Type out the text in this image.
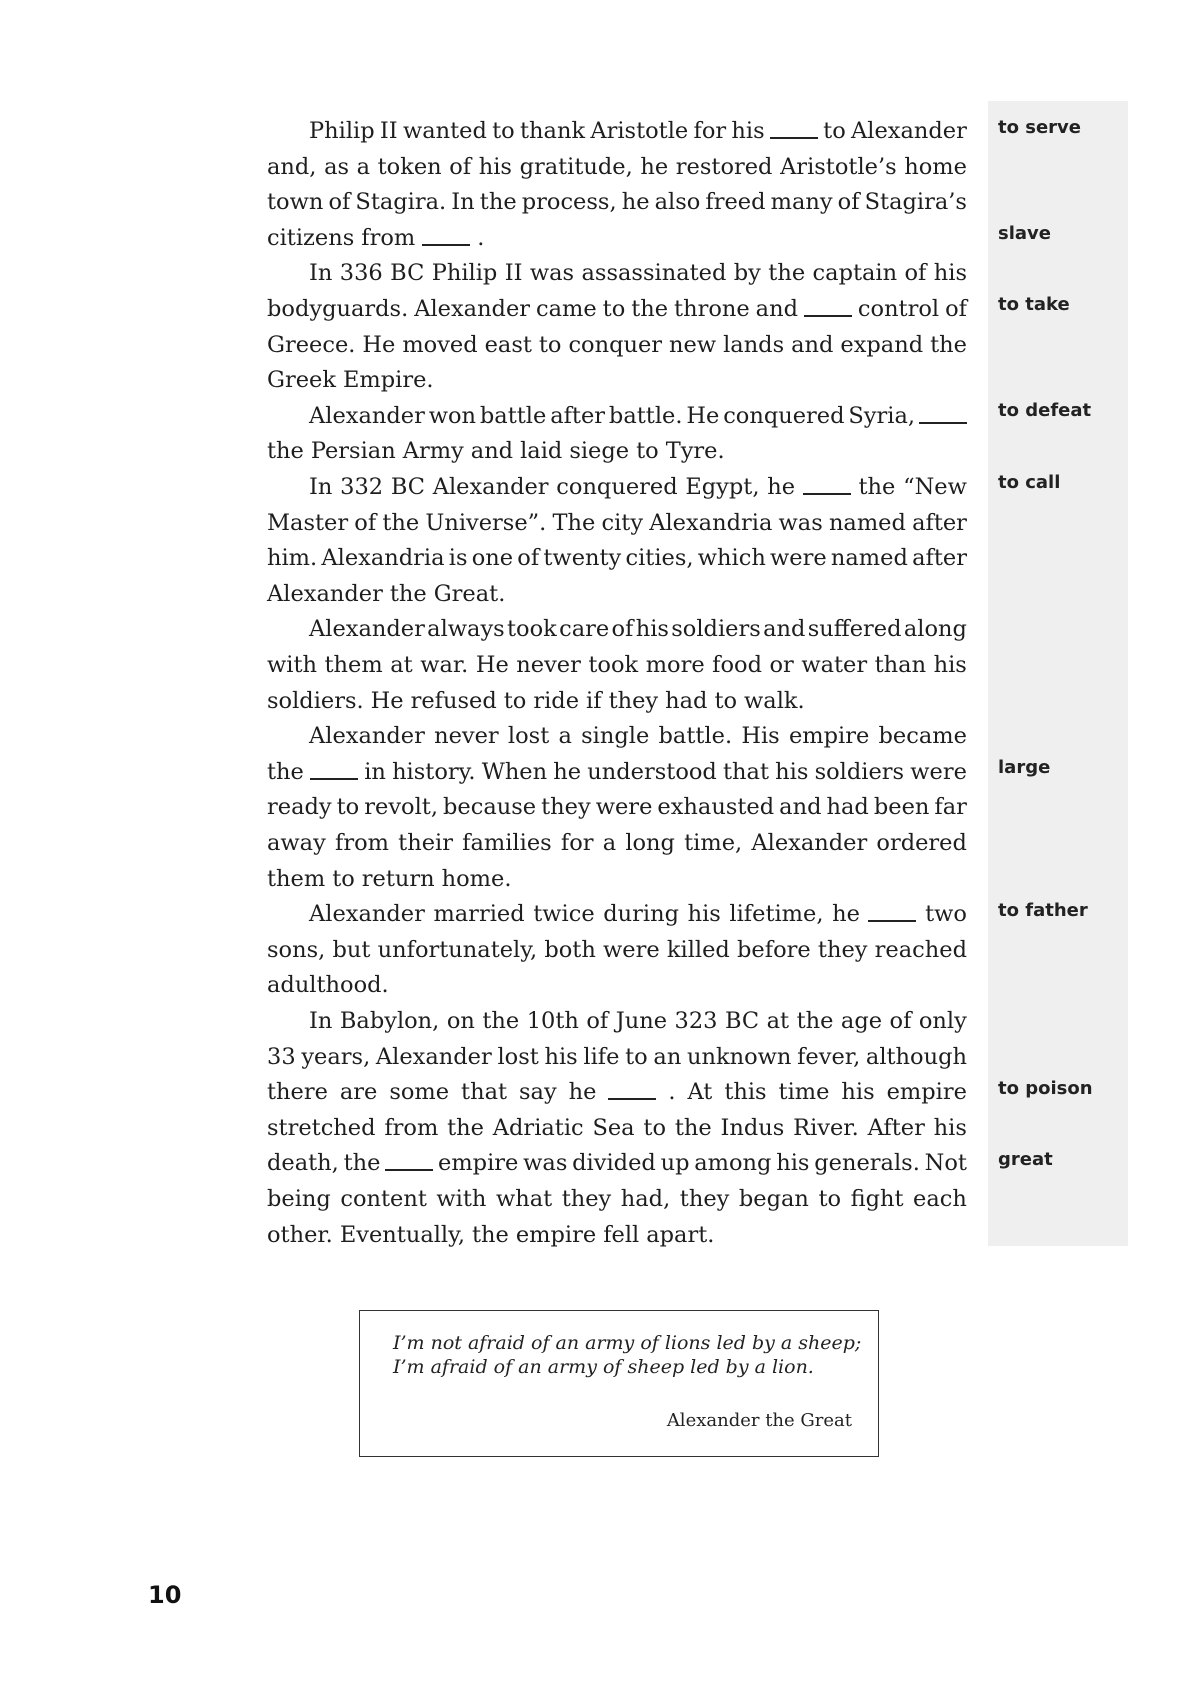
to serve
slave
to take
to defeat
to call
large
to father
to poison
great
Philip II wanted to thank Aristotle for his	to Alexander
and, as a token of his gratitude, he restored Aristotle’s home
town of Stagira. In the process, he also freed many of Stagira’s
citizens from	.
In 336 BC Philip II was assassinated by the captain of his
bodyguards. Alexander came to the throne and	control of
Greece. He moved east to conquer new lands and expand the
Greek Empire.
Alexander won battle after battle. He conquered Syria,
the Persian Army and laid siege to Tyre.
In 332 BC Alexander conquered Egypt, he	the “New
Master of the Universe”. The city Alexandria was named after
him. Alexandria is one of twenty cities, which were named after
Alexander the Great.
Alexander always took care of his soldiers and suffered along
with them at war. He never took more food or water than his
soldiers. He refused to ride if they had to walk.
Alexander never lost a single battle. His empire became
the	in history. When he understood that his soldiers were
ready to revolt, because they were exhausted and had been far
away from their families for a long time, Alexander ordered
them to return home.
Alexander married twice during his lifetime, he	two
sons, but unfortunately, both were killed before they reached
adulthood.
In Babylon, on the 10th of June 323 BC at the age of only
33 years, Alexander lost his life to an unknown fever, although
there are some that say he	. At this time his empire
stretched from the Adriatic Sea to the Indus River. After his
death, the	empire was divided up among his generals. Not
being content with what they had, they began to fight each
other. Eventually, the empire fell apart.
I’m not afraid of an army of lions led by a sheep;
I’m afraid of an army of sheep led by a lion.
Alexander the Great
10
